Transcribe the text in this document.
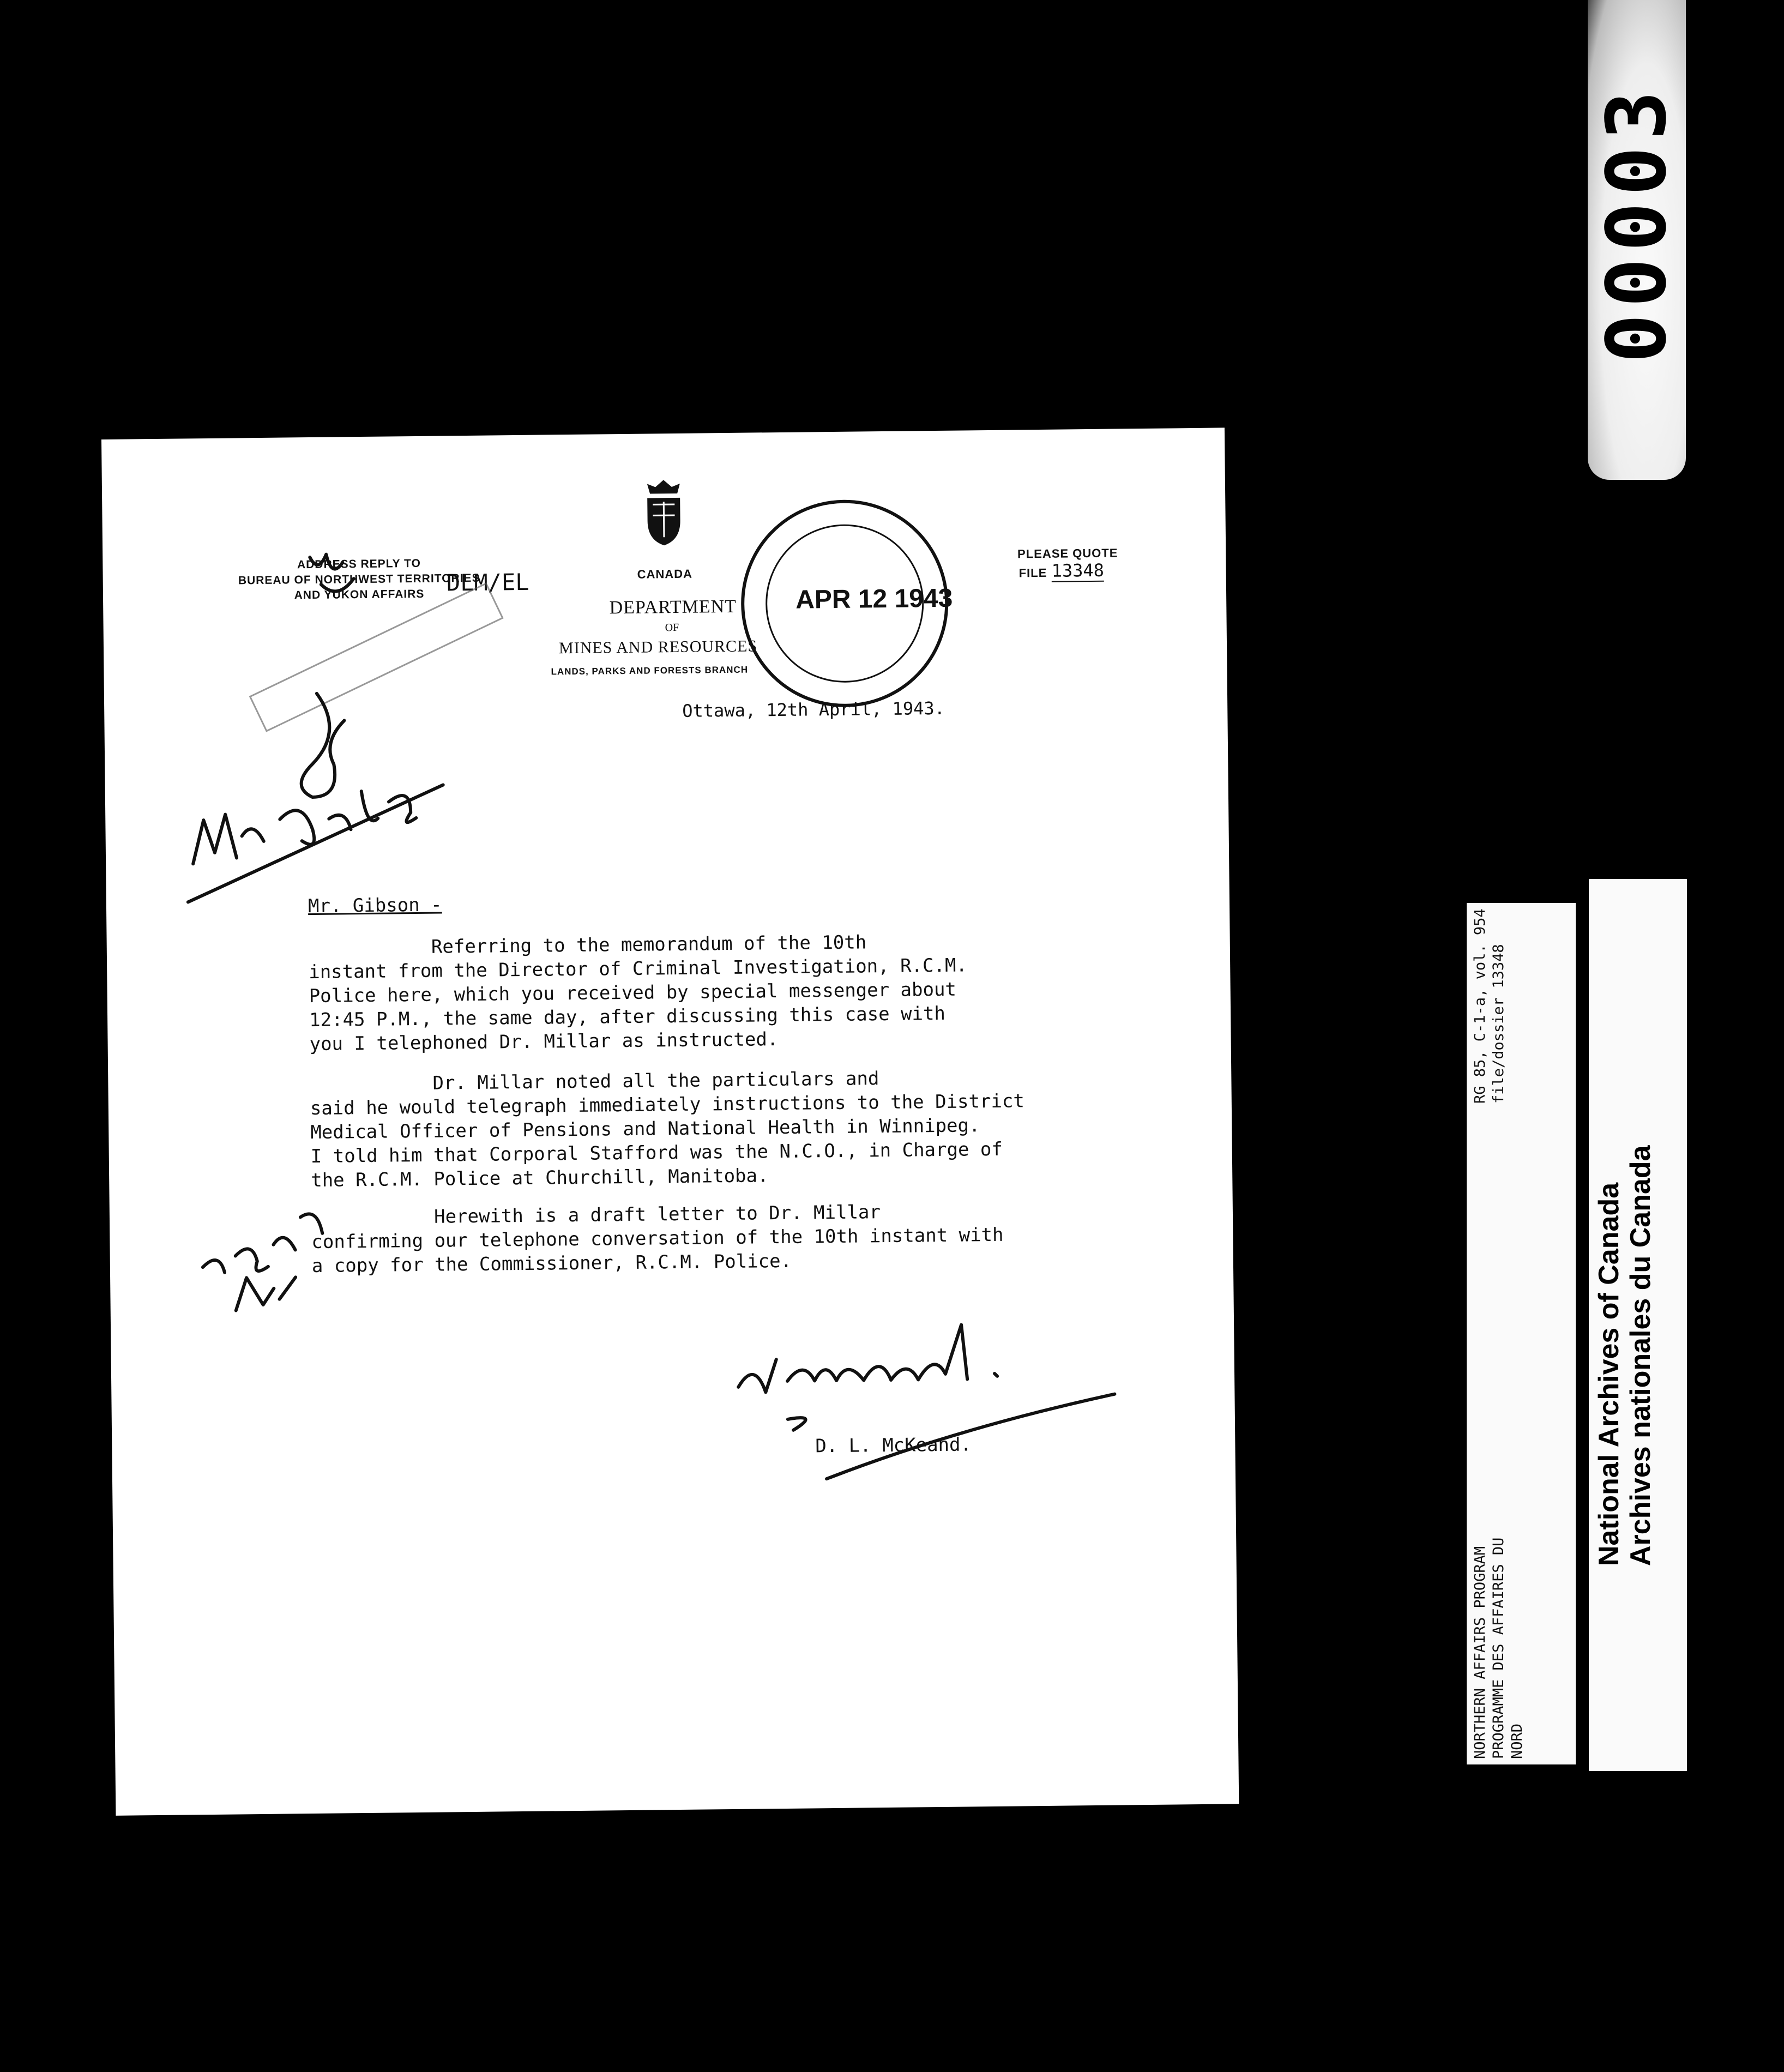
00003
ADDRESS REPLY TO
BUREAU OF NORTHWEST TERRITORIES
AND YUKON AFFAIRS DLM/EL	CANADA
DEPARTMENT
OF
MINES AND RESOURCES
LANDS, PARKS AND FORESTS BRANCH
PLEASE QUOTE
FILE 13348
APR 12 1943
Ottawa, 12th April, 1943.
Mr. Gibson -
Referring to the memorandum of the 10th
instant from the Director of Criminal Investigation, R.C.M.
Police here, which you received by special messenger about
12:45 P.M., the same day, after discussing this case with
you I telephoned Dr. Millar as instructed.
Dr. Millar noted all the particulars and
said he would telegraph immediately instructions to the District
Medical Officer of Pensions and National Health in Winnipeg.
I told him that Corporal Stafford was the N.C.O., in Charge of
the R.C.M. Police at Churchill, Manitoba.
Herewith is a draft letter to Dr. Millar
confirming our telephone conversation of the 10th instant with
a copy for the Commissioner, R.C.M. Police.
D. L. McKeand.
NORTHERN AFFAIRS PROGRAM PROGRAMME DES AFFAIRES DU NORD
RG 85, C-1-a, vol. 954 file/dossier 13348
National Archives of Canada Archives nationales du Canada
